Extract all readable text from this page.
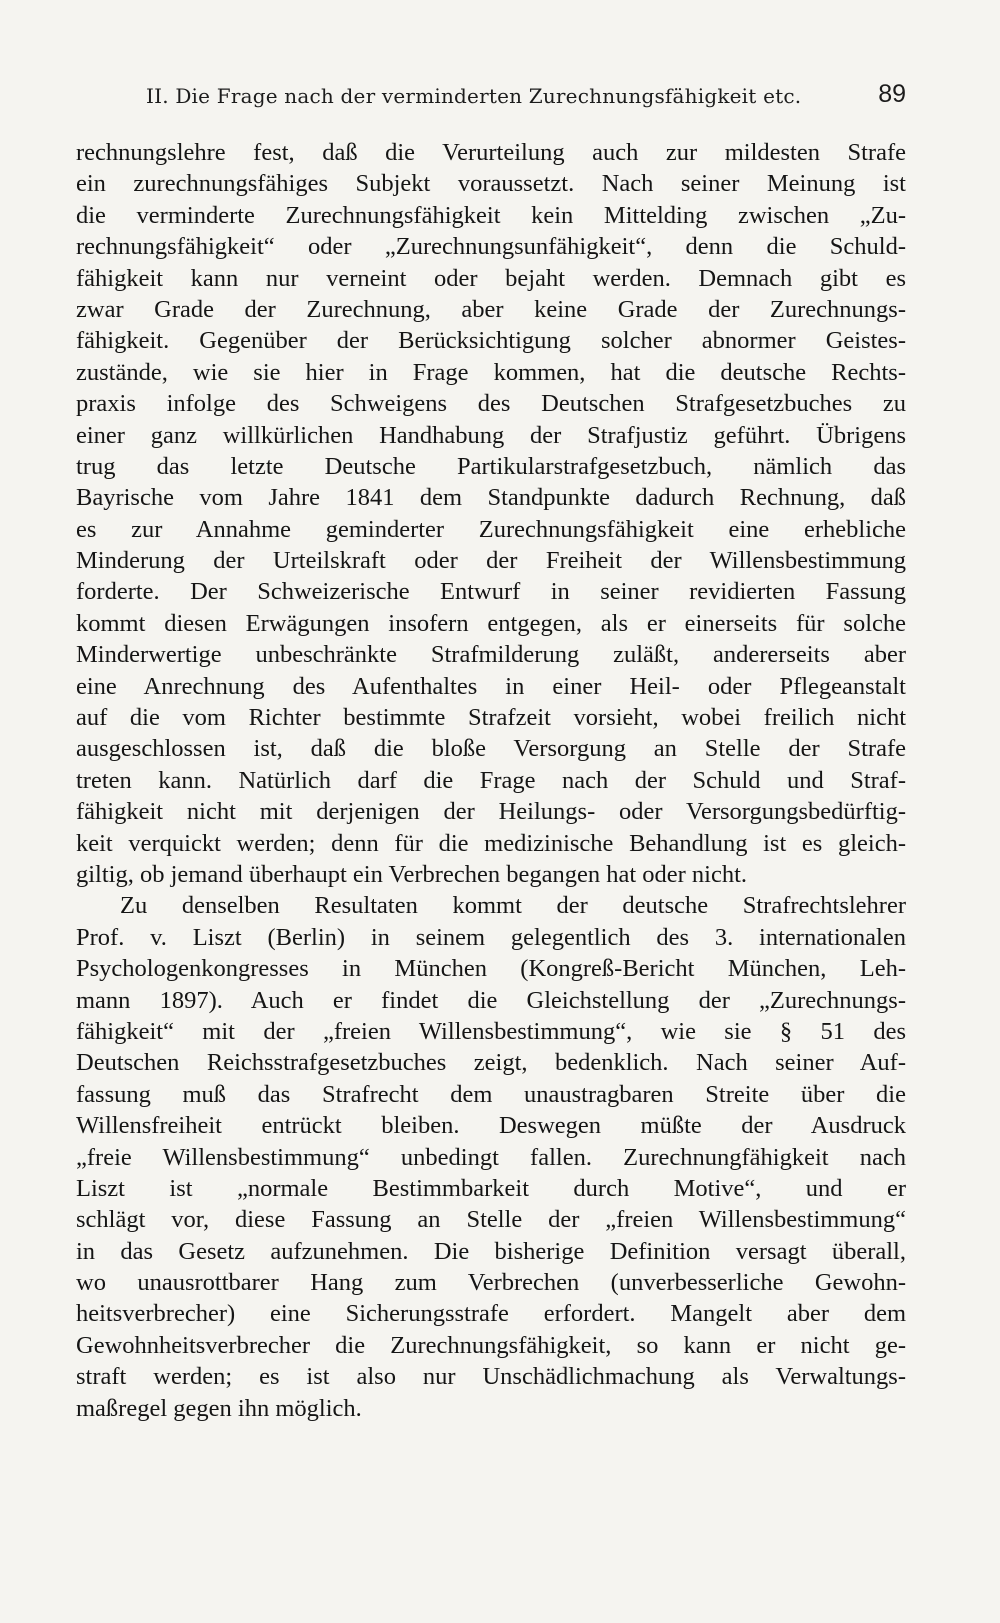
II. Die Frage nach der verminderten Zurechnungsfähigkeit etc.	89
rechnungslehre fest, daß die Verurteilung auch zur mildesten Strafe
ein zurechnungsfähiges Subjekt voraussetzt. Nach seiner Meinung ist
die verminderte Zurechnungsfähigkeit kein Mittelding zwischen „Zu-
rechnungsfähigkeit“ oder „Zurechnungsunfähigkeit“, denn die Schuld-
fähigkeit kann nur verneint oder bejaht werden. Demnach gibt es
zwar Grade der Zurechnung, aber keine Grade der Zurechnungs-
fähigkeit. Gegenüber der Berücksichtigung solcher abnormer Geistes-
zustände, wie sie hier in Frage kommen, hat die deutsche Rechts-
praxis infolge des Schweigens des Deutschen Strafgesetzbuches zu
einer ganz willkürlichen Handhabung der Strafjustiz geführt. Übrigens
trug das letzte Deutsche Partikularstrafgesetzbuch, nämlich das
Bayrische vom Jahre 1841 dem Standpunkte dadurch Rechnung, daß
es zur Annahme geminderter Zurechnungsfähigkeit eine erhebliche
Minderung der Urteilskraft oder der Freiheit der Willensbestimmung
forderte. Der Schweizerische Entwurf in seiner revidierten Fassung
kommt diesen Erwägungen insofern entgegen, als er einerseits für solche
Minderwertige unbeschränkte Strafmilderung zuläßt, andererseits aber
eine Anrechnung des Aufenthaltes in einer Heil- oder Pflegeanstalt
auf die vom Richter bestimmte Strafzeit vorsieht, wobei freilich nicht
ausgeschlossen ist, daß die bloße Versorgung an Stelle der Strafe
treten kann. Natürlich darf die Frage nach der Schuld und Straf-
fähigkeit nicht mit derjenigen der Heilungs- oder Versorgungsbedürftig-
keit verquickt werden; denn für die medizinische Behandlung ist es gleich-
giltig, ob jemand überhaupt ein Verbrechen begangen hat oder nicht.
Zu denselben Resultaten kommt der deutsche Strafrechtslehrer
Prof. v. Liszt (Berlin) in seinem gelegentlich des 3. internationalen
Psychologenkongresses in München (Kongreß-Bericht München, Leh-
mann 1897). Auch er findet die Gleichstellung der „Zurechnungs-
fähigkeit“ mit der „freien Willensbestimmung“, wie sie § 51 des
Deutschen Reichsstrafgesetzbuches zeigt, bedenklich. Nach seiner Auf-
fassung muß das Strafrecht dem unaustragbaren Streite über die
Willensfreiheit entrückt bleiben. Deswegen müßte der Ausdruck
„freie Willensbestimmung“ unbedingt fallen. Zurechnungfähigkeit nach
Liszt ist „normale Bestimmbarkeit durch Motive“, und er
schlägt vor, diese Fassung an Stelle der „freien Willensbestimmung“
in das Gesetz aufzunehmen. Die bisherige Definition versagt überall,
wo unausrottbarer Hang zum Verbrechen (unverbesserliche Gewohn-
heitsverbrecher) eine Sicherungsstrafe erfordert. Mangelt aber dem
Gewohnheitsverbrecher die Zurechnungsfähigkeit, so kann er nicht ge-
straft werden; es ist also nur Unschädlichmachung als Verwaltungs-
maßregel gegen ihn möglich.
